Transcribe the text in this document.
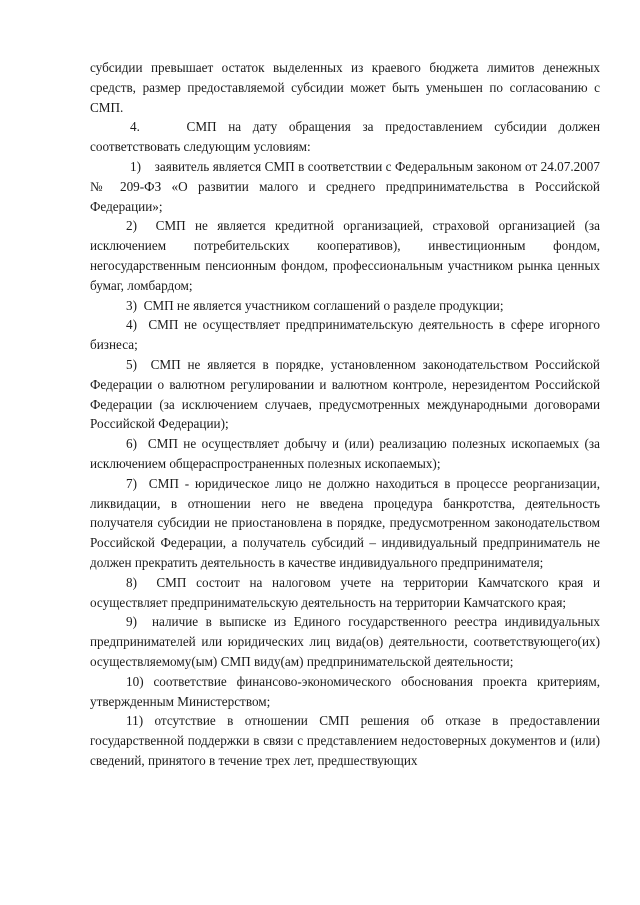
субсидии превышает остаток выделенных из краевого бюджета лимитов денежных средств, размер предоставляемой субсидии может быть уменьшен по согласованию с СМП.

4.    СМП на дату обращения за предоставлением субсидии должен соответствовать следующим условиям:

1)    заявитель является СМП в соответствии с Федеральным законом от 24.07.2007 № 209-ФЗ «О развитии малого и среднего предпринимательства в Российской Федерации»;

2)  СМП не является кредитной организацией, страховой организацией (за исключением потребительских кооперативов), инвестиционным фондом, негосударственным пенсионным фондом, профессиональным участником рынка ценных бумаг, ломбардом;

3)  СМП не является участником соглашений о разделе продукции;

4)  СМП не осуществляет предпринимательскую деятельность в сфере игорного бизнеса;

5)  СМП не является в порядке, установленном законодательством Российской Федерации о валютном регулировании и валютном контроле, нерезидентом Российской Федерации (за исключением случаев, предусмотренных международными договорами Российской Федерации);

6)  СМП не осуществляет добычу и (или) реализацию полезных ископаемых (за исключением общераспространенных полезных ископаемых);

7)  СМП - юридическое лицо не должно находиться в процессе реорганизации, ликвидации, в отношении него не введена процедура банкротства, деятельность получателя субсидии не приостановлена в порядке, предусмотренном законодательством Российской Федерации, а получатель субсидий – индивидуальный предприниматель не должен прекратить деятельность в качестве индивидуального предпринимателя;

8)  СМП состоит на налоговом учете на территории Камчатского края и осуществляет предпринимательскую деятельность на территории Камчатского края;

9)  наличие в выписке из Единого государственного реестра индивидуальных предпринимателей или юридических лиц вида(ов) деятельности, соответствующего(их) осуществляемому(ым) СМП виду(ам) предпринимательской деятельности;

10) соответствие финансово-экономического обоснования проекта критериям, утвержденным Министерством;

11) отсутствие в отношении СМП решения об отказе в предоставлении государственной поддержки в связи с представлением недостоверных документов и (или) сведений, принятого в течение трех лет, предшествующих
